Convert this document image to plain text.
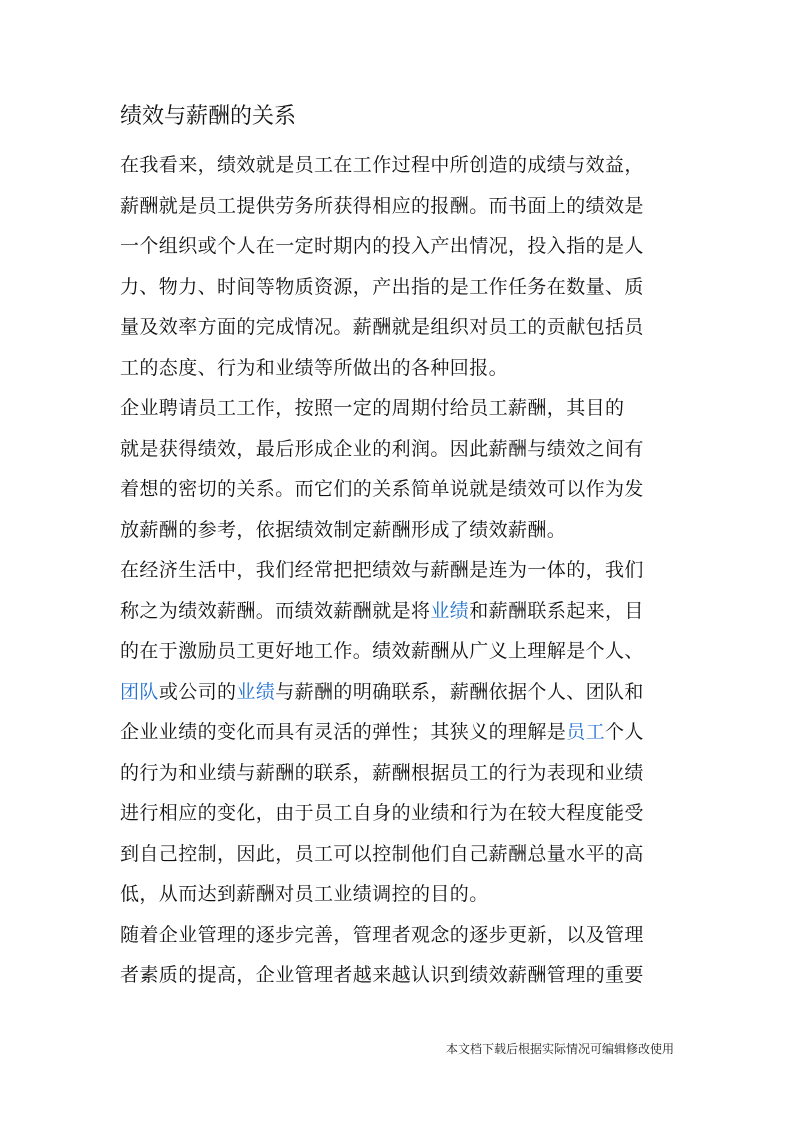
绩效与薪酬的关系
在我看来，绩效就是员工在工作过程中所创造的成绩与效益，
薪酬就是员工提供劳务所获得相应的报酬。而书面上的绩效是
一个组织或个人在一定时期内的投入产出情况，投入指的是人
力、物力、时间等物质资源，产出指的是工作任务在数量、质
量及效率方面的完成情况。薪酬就是组织对员工的贡献包括员
工的态度、行为和业绩等所做出的各种回报。
企业聘请员工工作，按照一定的周期付给员工薪酬，其目的
就是获得绩效，最后形成企业的利润。因此薪酬与绩效之间有
着想的密切的关系。而它们的关系简单说就是绩效可以作为发
放薪酬的参考，依据绩效制定薪酬形成了绩效薪酬。
在经济生活中，我们经常把把绩效与薪酬是连为一体的，我们
称之为绩效薪酬。而绩效薪酬就是将业绩和薪酬联系起来，目
的在于激励员工更好地工作。绩效薪酬从广义上理解是个人、
团队或公司的业绩与薪酬的明确联系，薪酬依据个人、团队和
企业业绩的变化而具有灵活的弹性；其狭义的理解是员工个人
的行为和业绩与薪酬的联系，薪酬根据员工的行为表现和业绩
进行相应的变化，由于员工自身的业绩和行为在较大程度能受
到自己控制，因此，员工可以控制他们自己薪酬总量水平的高
低，从而达到薪酬对员工业绩调控的目的。
随着企业管理的逐步完善，管理者观念的逐步更新，以及管理
者素质的提高，企业管理者越来越认识到绩效薪酬管理的重要
本文档下载后根据实际情况可编辑修改使用
